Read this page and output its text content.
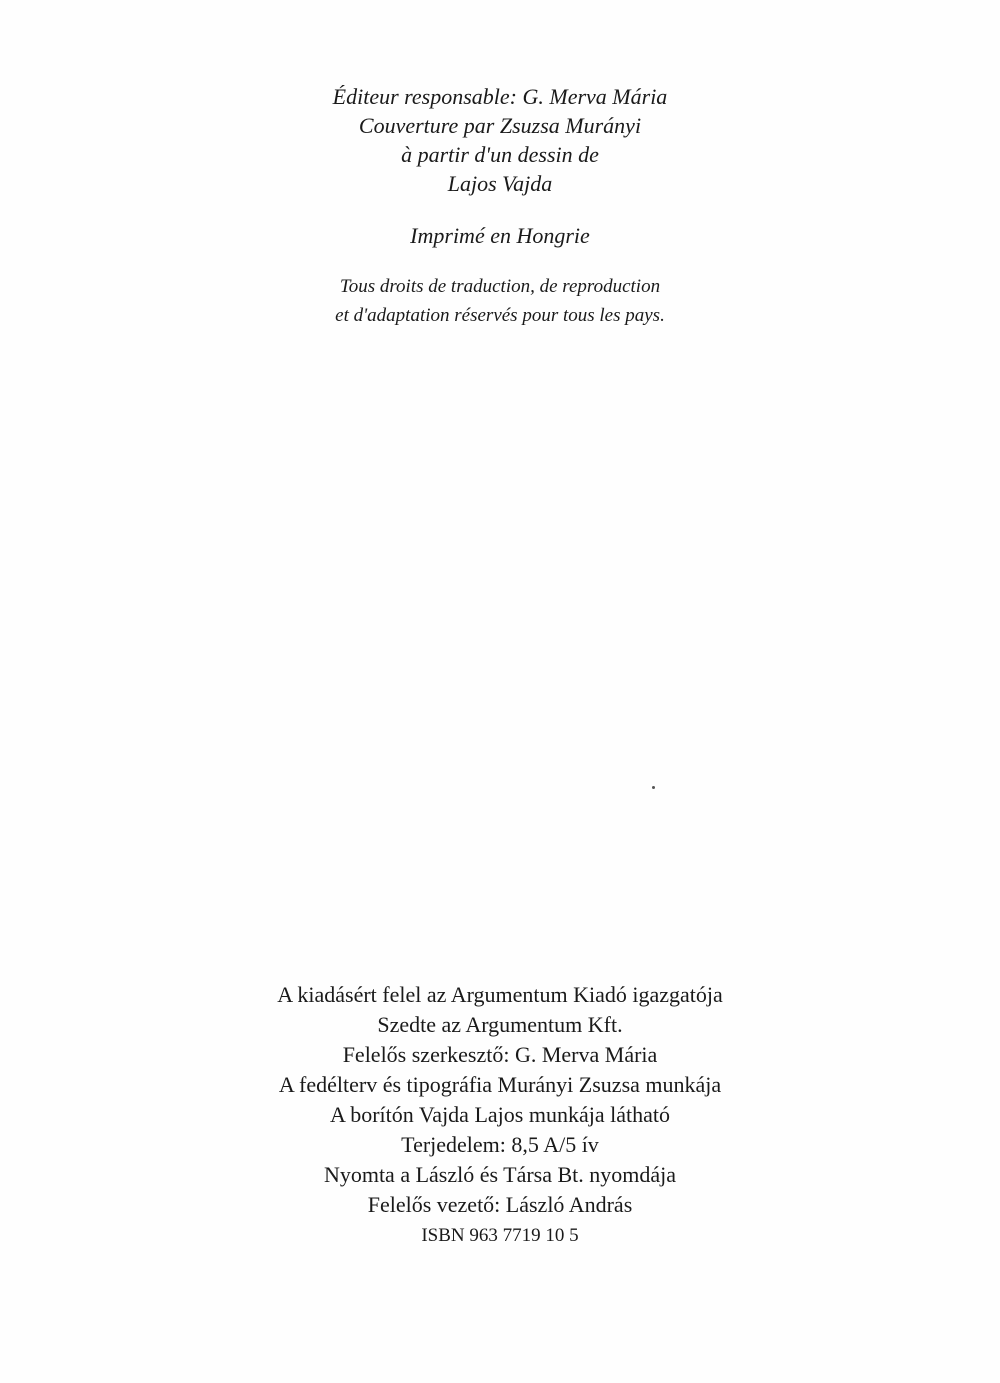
Éditeur responsable: G. Merva Mária
Couverture par Zsuzsa Murányi
à partir d'un dessin de
Lajos Vajda
Imprimé en Hongrie
Tous droits de traduction, de reproduction
et d'adaptation réservés pour tous les pays.
A kiadásért felel az Argumentum Kiadó igazgatója
Szedte az Argumentum Kft.
Felelős szerkesztő: G. Merva Mária
A fedélterv és tipográfia Murányi Zsuzsa munkája
A borítón Vajda Lajos munkája látható
Terjedelem: 8,5 A/5 ív
Nyomta a László és Társa Bt. nyomdája
Felelős vezető: László András
ISBN 963 7719 10 5
